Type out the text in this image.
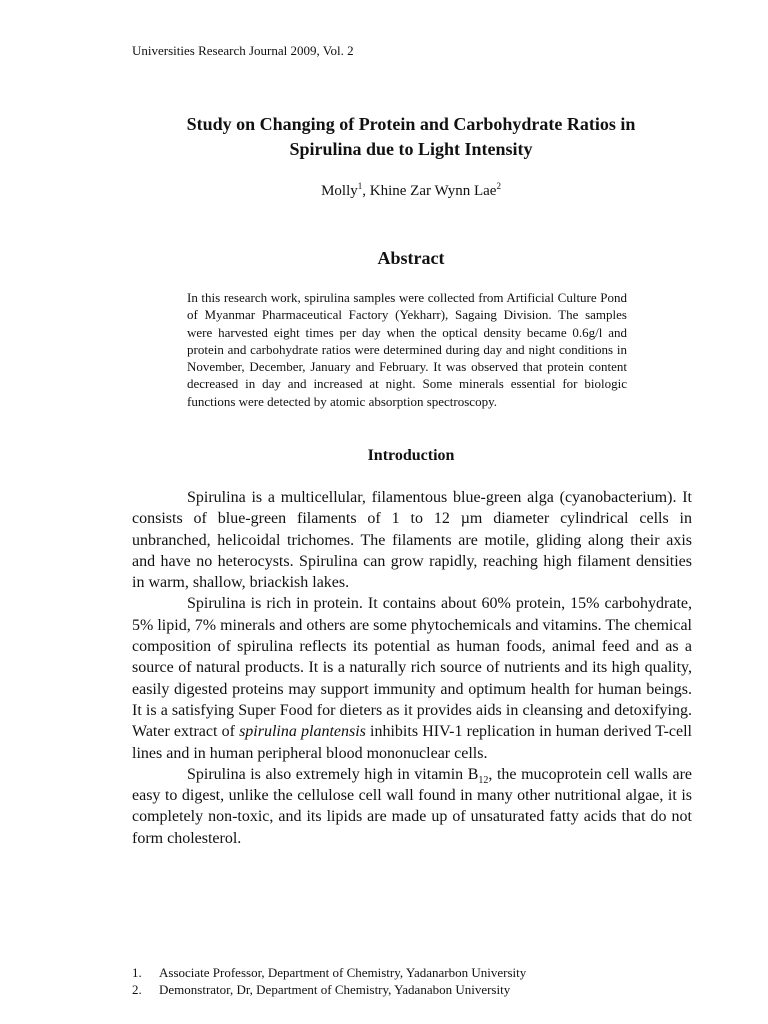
Universities Research Journal 2009, Vol. 2
Study on Changing of Protein and Carbohydrate Ratios in
Spirulina due to Light Intensity
Molly$^1$, Khine Zar Wynn Lae$^2$
Abstract
In this research work, spirulina samples were collected from Artificial Culture Pond of Myanmar Pharmaceutical Factory (Yekharr), Sagaing Division. The samples were harvested eight times per day when the optical density became 0.6g/l and protein and carbohydrate ratios were determined during day and night conditions in November, December, January and February. It was observed that protein content decreased in day and increased at night. Some minerals essential for biologic functions were detected by atomic absorption spectroscopy.
Introduction

Spirulina is a multicellular, filamentous blue-green alga (cyanobacterium). It consists of blue-green filaments of 1 to 12 µm diameter cylindrical cells in unbranched, helicoidal trichomes. The filaments are motile, gliding along their axis and have no heterocysts. Spirulina can grow rapidly, reaching high filament densities in warm, shallow, briackish lakes.

Spirulina is rich in protein. It contains about 60% protein, 15% carbohydrate, 5% lipid, 7% minerals and others are some phytochemicals and vitamins. The chemical composition of spirulina reflects its potential as human foods, animal feed and as a source of natural products. It is a naturally rich source of nutrients and its high quality, easily digested proteins may support immunity and optimum health for human beings. It is a satisfying Super Food for dieters as it provides aids in cleansing and detoxifying. Water extract of spirulina plantensis inhibits HIV-1 replication in human derived T-cell lines and in human peripheral blood mononuclear cells.

Spirulina is also extremely high in vitamin $B_{12}$, the mucoprotein cell walls are easy to digest, unlike the cellulose cell wall found in many other nutritional algae, it is completely non-toxic, and its lipids are made up of unsaturated fatty acids that do not form cholesterol.

1.	Associate Professor, Department of Chemistry, Yadanarbon University
2.	Demonstrator, Dr, Department of Chemistry, Yadanabon University
